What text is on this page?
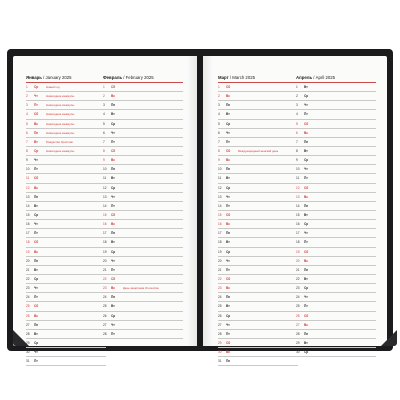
Январь / January 2025
1	Ср	Новый год
2	Чт	Новогодние каникулы
3	Пт	Новогодние каникулы
4	Сб	Новогодние каникулы
5	Вс	Новогодние каникулы
6	Пн	Новогодние каникулы
7	Вт	Рождество Христово
8	Ср	Новогодние каникулы
9	Чт
10	Пт
11	Сб
12	Вс
13	Пн
14	Вт
15	Ср
16	Чт
17	Пт
18	Сб
19	Вс
20	Пн
21	Вт
22	Ср
23	Чт
24	Пт
25	Сб
26	Вс
27	Пн
28	Вт
29	Ср
30	Чт
31	Пт
Февраль / February 2025
1	Сб
2	Вс
3	Пн
4	Вт
5	Ср
6	Чт
7	Пт
8	Сб
9	Вс
10	Пн
11	Вт
12	Ср
13	Чт
14	Пт
15	Сб
16	Вс
17	Пн
18	Вт
19	Ср
20	Чт
21	Пт
22	Сб
23	Вс	День защитника Отечества
24	Пн
25	Вт
26	Ср
27	Чт
28	Пт
Март / March 2025
1	Сб
2	Вс
3	Пн
4	Вт
5	Ср
6	Чт
7	Пт
8	Сб	Международный женский день
9	Вс
10	Пн
11	Вт
12	Ср
13	Чт
14	Пт
15	Сб
16	Вс
17	Пн
18	Вт
19	Ср
20	Чт
21	Пт
22	Сб
23	Вс
24	Пн
25	Вт
26	Ср
27	Чт
28	Пт
29	Сб
30	Вс
31	Пн
Апрель / April 2025
1	Вт
2	Ср
3	Чт
4	Пт
5	Сб
6	Вс
7	Пн
8	Вт
9	Ср
10	Чт
11	Пт
12	Сб
13	Вс
14	Пн
15	Вт
16	Ср
17	Чт
18	Пт
19	Сб
20	Вс
21	Пн
22	Вт
23	Ср
24	Чт
25	Пт
26	Сб
27	Вс
28	Пн
29	Вт
30	Ср
